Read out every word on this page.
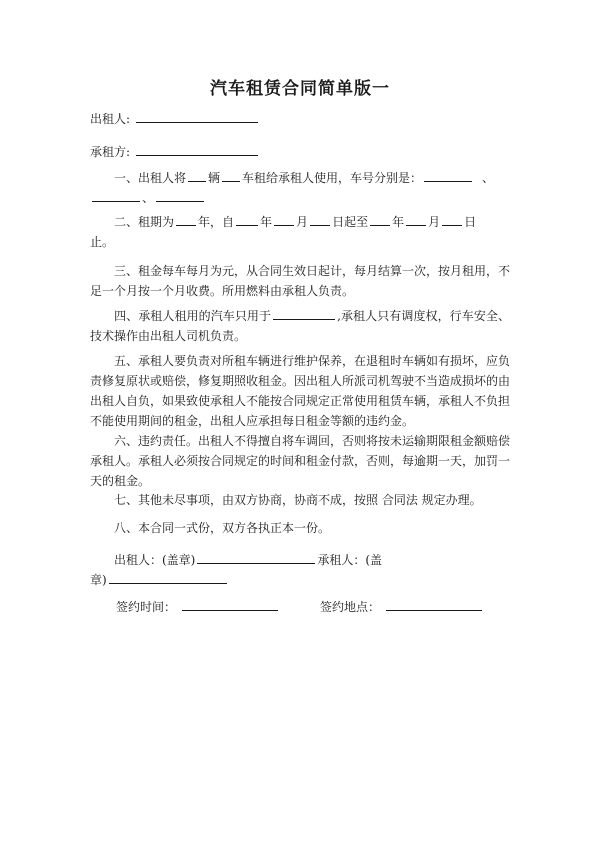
汽车租赁合同简单版一
出租人:
承租方:
一、出租人将 辆 车租给承租人使用，车号分别是：	、
、
二、租期为 年，自 年 月 日起至 年 月 日
止。
三、租金每车每月为元，从合同生效日起计，每月结算一次，按月租用，不足一个月按一个月收费。所用燃料由承租人负责。
四、承租人租用的汽车只用于	,承租人只有调度权，行车安全、技术操作由出租人司机负责。
五、承租人要负责对所租车辆进行维护保养，在退租时车辆如有损坏，应负责修复原状或赔偿，修复期照收租金。因出租人所派司机驾驶不当造成损坏的由出租人自负，如果致使承租人不能按合同规定正常使用租赁车辆，承租人不负担不能使用期间的租金，出租人应承担每日租金等额的违约金。
六、违约责任。出租人不得擅自将车调回，否则将按未运输期限租金额赔偿承租人。承租人必须按合同规定的时间和租金付款，否则，每逾期一天，加罚一天的租金。
七、其他未尽事项，由双方协商，协商不成，按照 合同法 规定办理。
八、本合同一式份，双方各执正本一份。
出租人：(盖章)	承租人：(盖
章)
签约时间：	签约地点：
